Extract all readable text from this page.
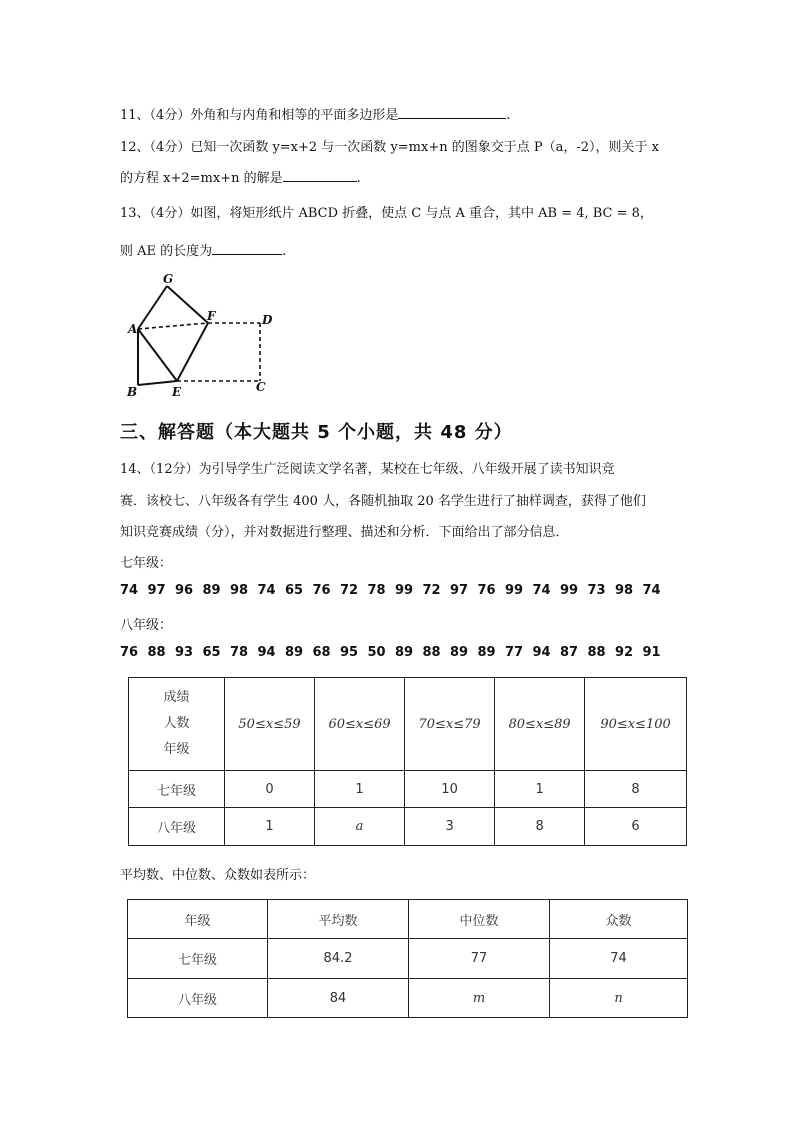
11、（4分）外角和与内角和相等的平面多边形是	.
12、（4分）已知一次函数 y=x+2 与一次函数 y=mx+n 的图象交于点 P（a，-2），则关于 x
的方程 x+2=mx+n 的解是	.
13、（4分）如图，将矩形纸片 ABCD 折叠，使点 C 与点 A 重合，其中 AB = 4, BC = 8，
则 AE 的长度为	.
G
A
F	D
B	E	C
三、解答题（本大题共 5 个小题，共 48 分）
14、（12分）为引导学生广泛阅读文学名著，某校在七年级、八年级开展了读书知识竞
赛．该校七、八年级各有学生 400 人，各随机抽取 20 名学生进行了抽样调查，获得了他们
知识竞赛成绩（分），并对数据进行整理、描述和分析．下面给出了部分信息．
七年级：
74 97 96 89 98 74 65 76 72 78 99 72 97 76 99 74 99 73 98 74
八年级：
76 88 93 65 78 94 89 68 95 50 89 88 89 89 77 94 87 88 92 91
成绩
人数
年级	50≤x≤59	60≤x≤69	70≤x≤79	80≤x≤89	90≤x≤100
七年级	0	1	10	1	8
八年级	1	a	3	8	6
平均数、中位数、众数如表所示：
年级	平均数	中位数	众数
七年级	84.2	77	74
八年级	84	m	n
